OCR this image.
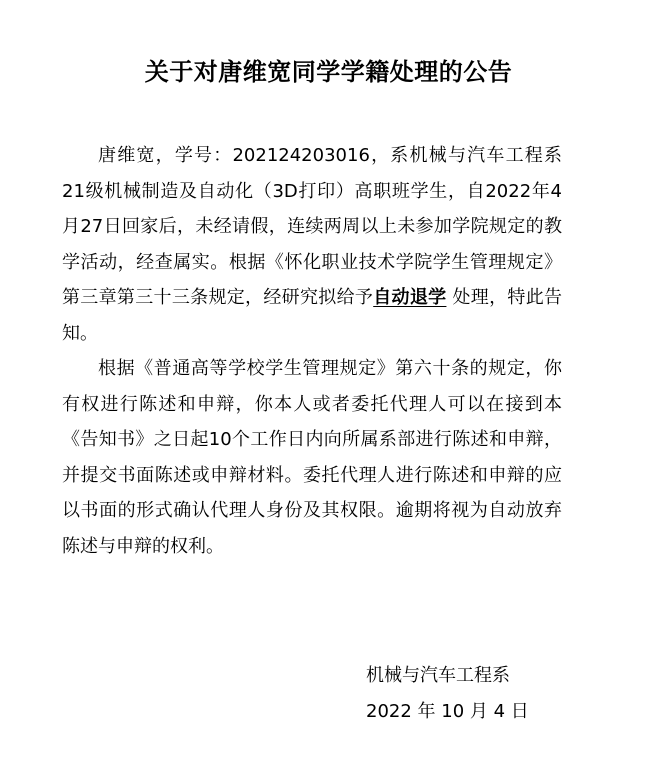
关于对唐维宽同学学籍处理的公告

唐维宽，学号：202124203016，系机械与汽车工程系21级机械制造及自动化（3D打印）高职班学生，自2022年4月27日回家后，未经请假，连续两周以上未参加学院规定的教学活动，经查属实。根据《怀化职业技术学院学生管理规定》第三章第三十三条规定，经研究拟给予自动退学 处理，特此告知。

根据《普通高等学校学生管理规定》第六十条的规定，你有权进行陈述和申辩，你本人或者委托代理人可以在接到本《告知书》之日起10个工作日内向所属系部进行陈述和申辩，并提交书面陈述或申辩材料。委托代理人进行陈述和申辩的应以书面的形式确认代理人身份及其权限。逾期将视为自动放弃陈述与申辩的权利。

机械与汽车工程系
2022 年 10 月 4 日
